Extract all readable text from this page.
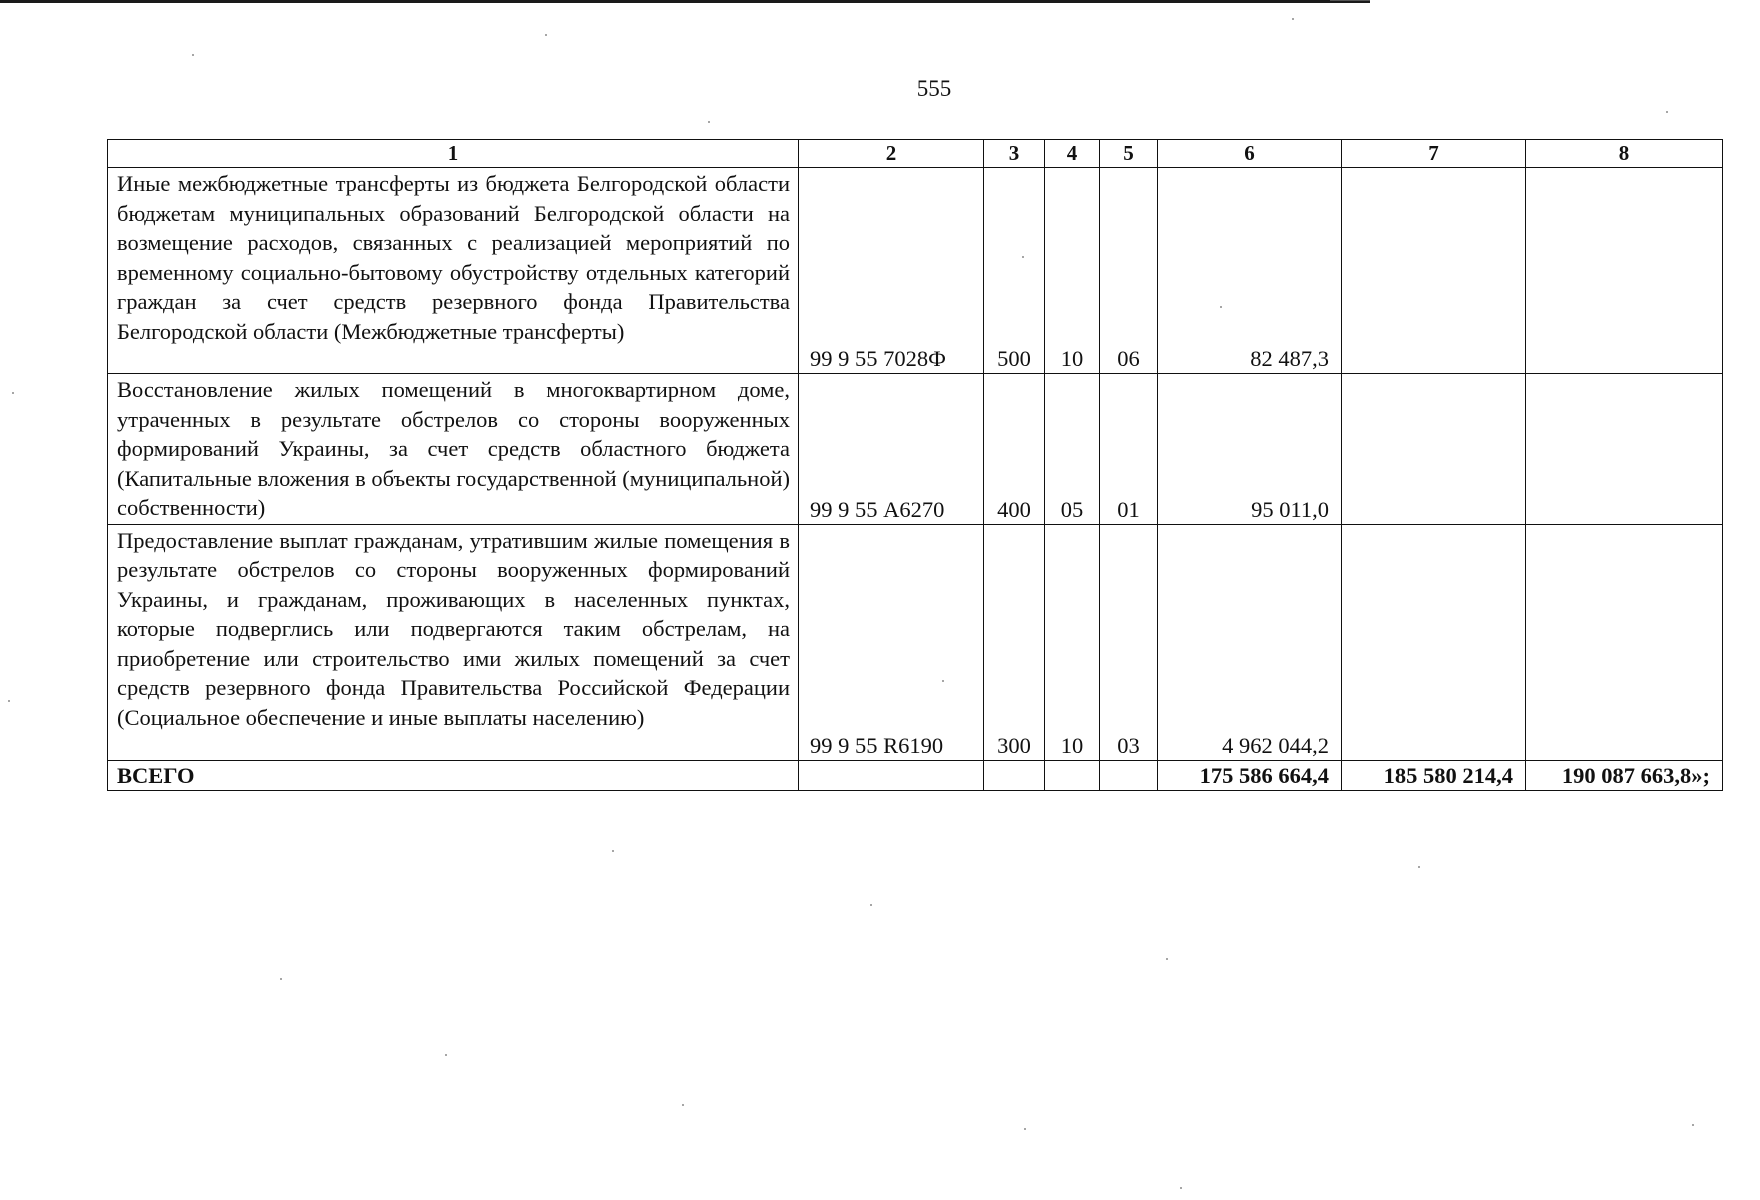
555
1	2	3	4	5	6	7	8
Иные межбюджетные трансферты из бюджета Белгородской области бюджетам муниципальных образований Белгородской области на возмещение расходов, связанных с реализацией мероприятий по временному социально-бытовому обустройству отдельных категорий граждан за счет средств резервного фонда Правительства Белгородской области (Межбюджетные трансферты)	99 9 55 7028Ф	500	10	06	82 487,3		
Восстановление жилых помещений в многоквартирном доме, утраченных в результате обстрелов со стороны вооруженных формирований Украины, за счет средств областного бюджета (Капитальные вложения в объекты государственной (муниципальной) собственности)	99 9 55 А6270	400	05	01	95 011,0		
Предоставление выплат гражданам, утратившим жилые помещения в результате обстрелов со стороны вооруженных формирований Украины, и гражданам, проживающих в населенных пунктах, которые подверглись или подвергаются таким обстрелам, на приобретение или строительство ими жилых помещений за счет средств резервного фонда Правительства Российской Федерации (Социальное обеспечение и иные выплаты населению)	99 9 55 R6190	300	10	03	4 962 044,2		
ВСЕГО					175 586 664,4	185 580 214,4	190 087 663,8»;
